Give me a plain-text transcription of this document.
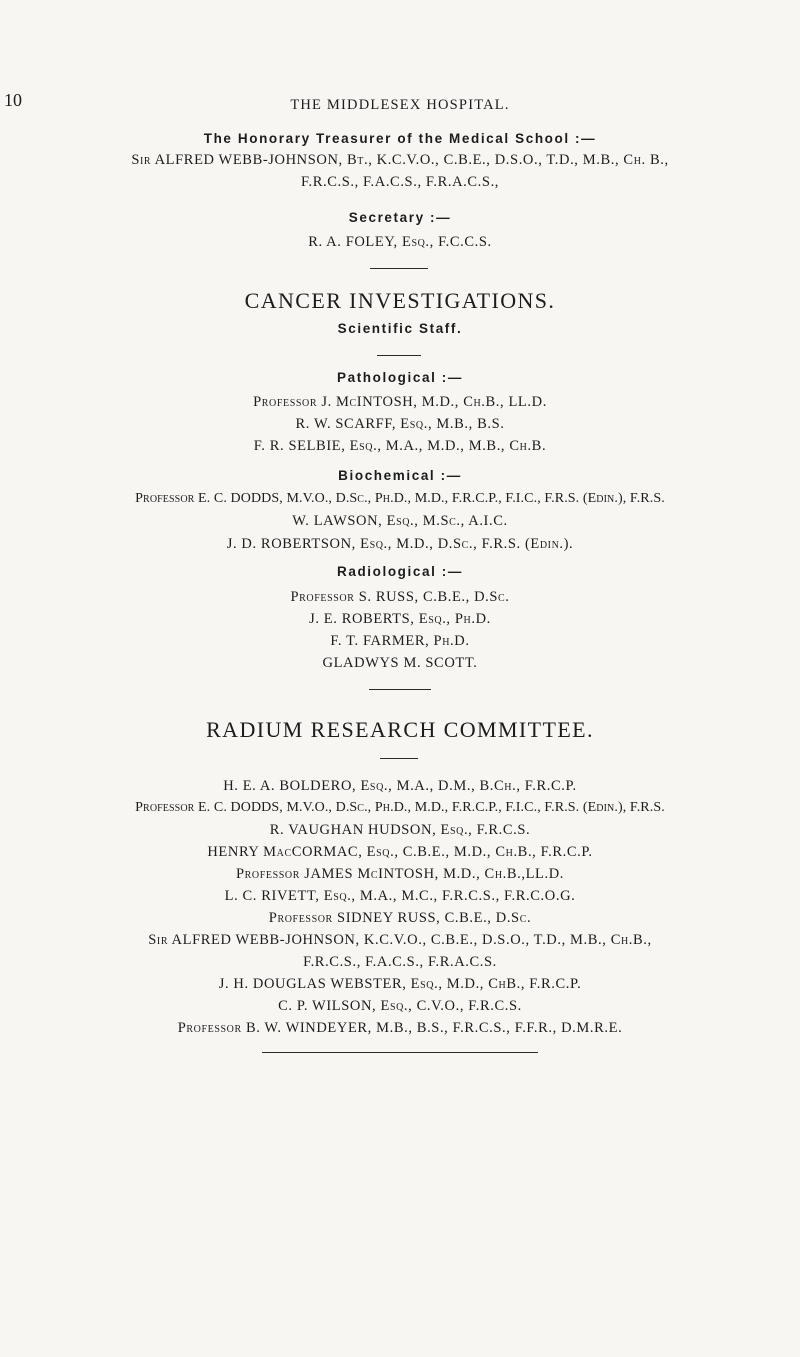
10	THE MIDDLESEX HOSPITAL.
The Honorary Treasurer of the Medical School :—
Sir ALFRED WEBB-JOHNSON, Bt., K.C.V.O., C.B.E., D.S.O., T.D., M.B., Ch. B.,
F.R.C.S., F.A.C.S., F.R.A.C.S.,
Secretary :—
R. A. FOLEY, Esq., F.C.C.S.
CANCER INVESTIGATIONS.
Scientific Staff.
Pathological :—
Professor J. McINTOSH, M.D., Ch.B., LL.D.
R. W. SCARFF, Esq., M.B., B.S.
F. R. SELBIE, Esq., M.A., M.D., M.B., Ch.B.
Biochemical :—
Professor E. C. DODDS, M.V.O., D.Sc., Ph.D., M.D., F.R.C.P., F.I.C., F.R.S. (Edin.), F.R.S.
W. LAWSON, Esq., M.Sc., A.I.C.
J. D. ROBERTSON, Esq., M.D., D.Sc., F.R.S. (Edin.).
Radiological :—
Professor S. RUSS, C.B.E., D.Sc.
J. E. ROBERTS, Esq., Ph.D.
F. T. FARMER, Ph.D.
GLADWYS M. SCOTT.
RADIUM RESEARCH COMMITTEE.
H. E. A. BOLDERO, Esq., M.A., D.M., B.Ch., F.R.C.P.
Professor E. C. DODDS, M.V.O., D.Sc., Ph.D., M.D., F.R.C.P., F.I.C., F.R.S. (Edin.), F.R.S.
R. VAUGHAN HUDSON, Esq., F.R.C.S.
HENRY MacCORMAC, Esq., C.B.E., M.D., Ch.B., F.R.C.P.
Professor JAMES McINTOSH, M.D., Ch.B.,LL.D.
L. C. RIVETT, Esq., M.A., M.C., F.R.C.S., F.R.C.O.G.
Professor SIDNEY RUSS, C.B.E., D.Sc.
Sir ALFRED WEBB-JOHNSON, K.C.V.O., C.B.E., D.S.O., T.D., M.B., Ch.B.,
F.R.C.S., F.A.C.S., F.R.A.C.S.
J. H. DOUGLAS WEBSTER, Esq., M.D., ChB., F.R.C.P.
C. P. WILSON, Esq., C.V.O., F.R.C.S.
Professor B. W. WINDEYER, M.B., B.S., F.R.C.S., F.F.R., D.M.R.E.
